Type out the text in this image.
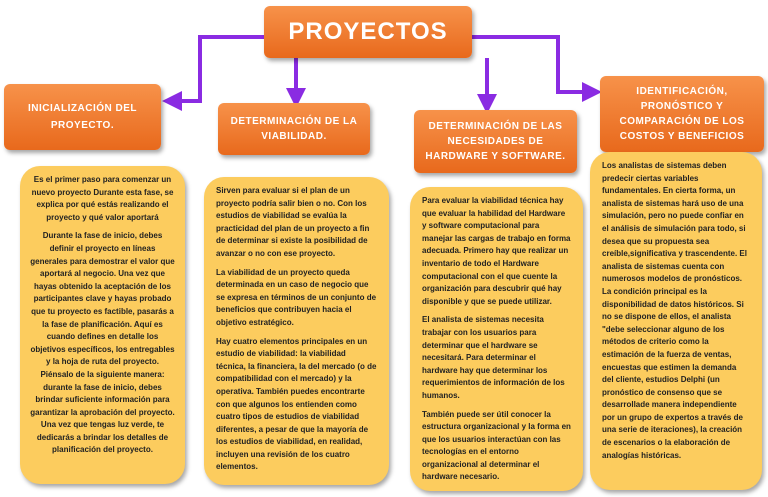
PROYECTOS
INICIALIZACIÓN DEL PROYECTO.	DETERMINACIÓN DE LA VIABILIDAD.
DETERMINACIÓN DE LAS NECESIDADES DE HARDWARE Y SOFTWARE.
IDENTIFICACIÓN, PRONÓSTICO Y COMPARACIÓN DE LOS COSTOS Y BENEFICIOS

Es el primer paso para comenzar un nuevo proyecto Durante esta fase, se explica por qué estás realizando el proyecto y qué valor aportará

Durante la fase de inicio, debes definir el proyecto en líneas generales para demostrar el valor que aportará al negocio. Una vez que hayas obtenido la aceptación de los participantes clave y hayas probado que tu proyecto es factible, pasarás a la fase de planificación. Aquí es cuando defines en detalle los objetivos específicos, los entregables y la hoja de ruta del proyecto. Piénsalo de la siguiente manera: durante la fase de inicio, debes brindar suficiente información para garantizar la aprobación del proyecto. Una vez que tengas luz verde, te dedicarás a brindar los detalles de planificación del proyecto.

Sirven para evaluar si el plan de un proyecto podría salir bien o no. Con los estudios de viabilidad se evalúa la practicidad del plan de un proyecto a fin de determinar si existe la posibilidad de avanzar o no con ese proyecto.

La viabilidad de un proyecto queda determinada en un caso de negocio que se expresa en términos de un conjunto de beneficios que contribuyen hacia el objetivo estratégico.

Hay cuatro elementos principales en un estudio de viabilidad: la viabilidad técnica, la financiera, la del mercado (o de compatibilidad con el mercado) y la operativa. También puedes encontrarte con que algunos los entienden como cuatro tipos de estudios de viabilidad diferentes, a pesar de que la mayoría de los estudios de viabilidad, en realidad, incluyen una revisión de los cuatro elementos.

Para evaluar la viabilidad técnica hay que evaluar la habilidad del Hardware y software computacional para manejar las cargas de trabajo en forma adecuada. Primero hay que realizar un inventario de todo el Hardware computacional con el que cuente la organización para descubrir qué hay disponible y que se puede utilizar.

El analista de sistemas necesita trabajar con los usuarios para determinar que el hardware se necesitará. Para determinar el hardware hay que determinar los requerimientos de información de los humanos.

También puede ser útil conocer la estructura organizacional y la forma en que los usuarios interactúan con las tecnologías en el entorno organizacional al determinar el hardware necesario.

Los analistas de sistemas deben predecir ciertas variables fundamentales. En cierta forma, un analista de sistemas hará uso de una simulación, pero no puede confiar en el análisis de simulación para todo, si desea que su propuesta sea creíble,significativa y trascendente. El analista de sistemas cuenta con numerosos modelos de pronósticos. La condición principal es la disponibilidad de datos históricos. Si no se dispone de ellos, el analista "debe seleccionar alguno de los métodos de criterio como la estimación de la fuerza de ventas, encuestas que estimen la demanda del cliente, estudios Delphi (un pronóstico de consenso que se desarrollade manera independiente por un grupo de expertos a través de una serie de iteraciones), la creación de escenarios o la elaboración de analogías históricas.
